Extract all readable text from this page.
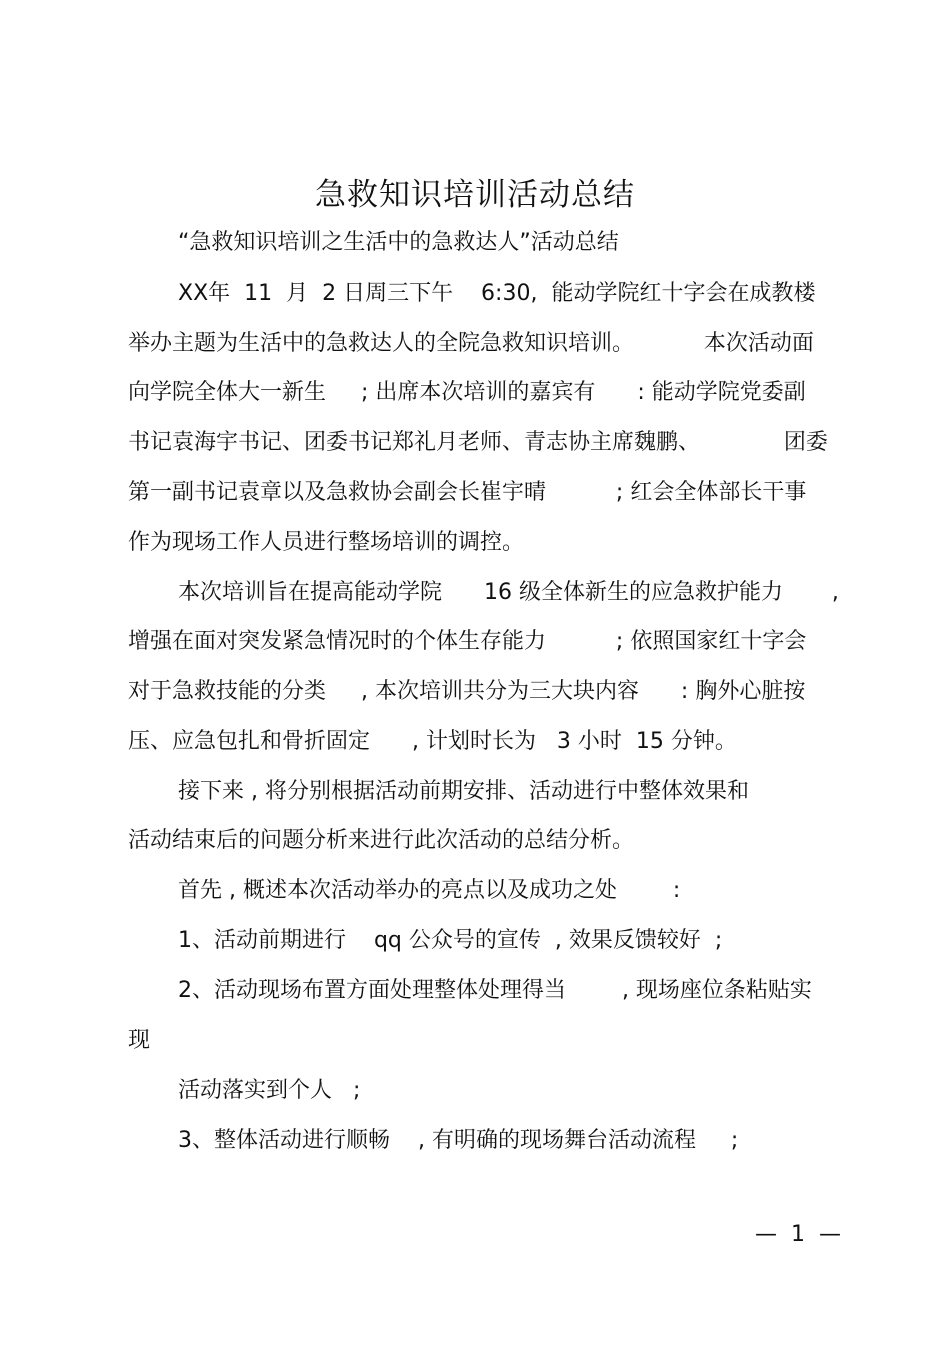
急救知识培训活动总结

“急救知识培训之生活中的急救达人”活动总结

XX年  11  月  2 日周三下午    6:30,  能动学院红十字会在成教楼

举办主题为生活中的急救达人的全院急救知识培训。          本次活动面

向学院全体大一新生     ; 出席本次培训的嘉宾有      : 能动学院党委副

书记袁海宇书记、团委书记郑礼月老师、青志协主席魏鹏、            团委

第一副书记袁章以及急救协会副会长崔宇晴          ; 红会全体部长干事

作为现场工作人员进行整场培训的调控。

本次培训旨在提高能动学院      16 级全体新生的应急救护能力       ,

增强在面对突发紧急情况时的个体生存能力          ; 依照国家红十字会

对于急救技能的分类     , 本次培训共分为三大块内容      : 胸外心脏按

压、应急包扎和骨折固定      , 计划时长为   3 小时  15 分钟。

接下来 , 将分别根据活动前期安排、活动进行中整体效果和

活动结束后的问题分析来进行此次活动的总结分析。

首先 , 概述本次活动举办的亮点以及成功之处        :

1、活动前期进行    qq 公众号的宣传  , 效果反馈较好  ;

2、活动现场布置方面处理整体处理得当        , 现场座位条粘贴实

现

活动落实到个人   ;

3、整体活动进行顺畅    , 有明确的现场舞台活动流程     ;

—  1  —
